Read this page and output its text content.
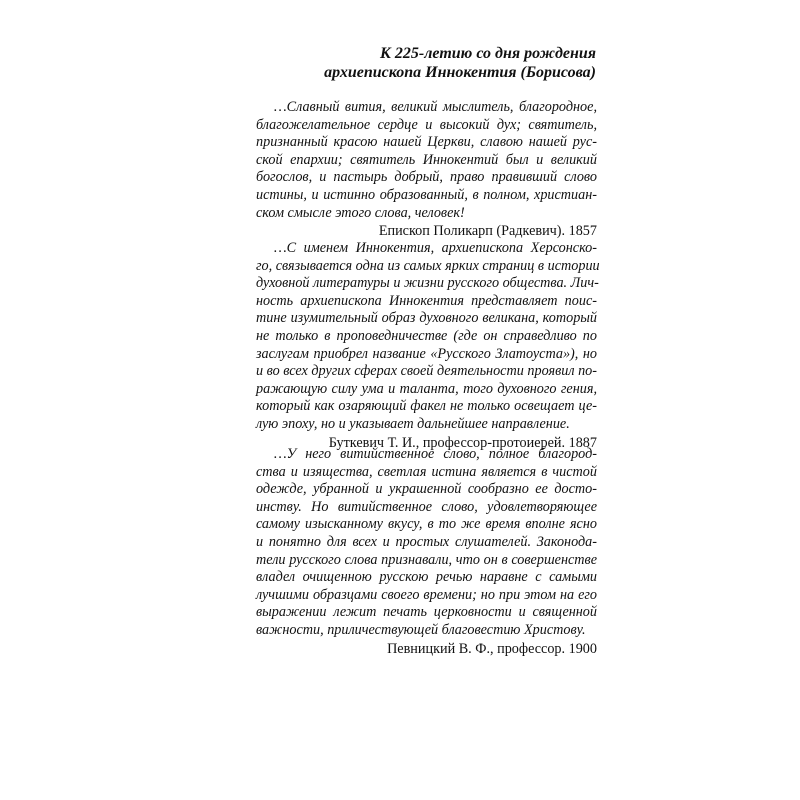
К 225-летию со дня рождения
архиепископа Иннокентия (Борисова)
…Славный вития, великий мыслитель, благородное,
благожелательное сердце и высокий дух; святитель,
признанный красою нашей Церкви, славою нашей рус-
ской епархии; святитель Иннокентий был и великий
богослов, и пастырь добрый, право правивший слово
истины, и истинно образованный, в полном, христиан-
ском смысле этого слова, человек!
Епископ Поликарп (Радкевич). 1857
…С именем Иннокентия, архиепископа Херсонско-
го, связывается одна из самых ярких страниц в истории
духовной литературы и жизни русского общества. Лич-
ность архиепископа Иннокентия представляет поис-
тине изумительный образ духовного великана, который
не только в проповедничестве (где он справедливо по
заслугам приобрел название «Русского Златоуста»), но
и во всех других сферах своей деятельности проявил по-
ражающую силу ума и таланта, того духовного гения,
который как озаряющий факел не только освещает це-
лую эпоху, но и указывает дальнейшее направление.
Буткевич Т. И., профессор-протоиерей. 1887
…У него витийственное слово, полное благород-
ства и изящества, светлая истина является в чистой
одежде, убранной и украшенной сообразно ее досто-
инству. Но витийственное слово, удовлетворяющее
самому изысканному вкусу, в то же время вполне ясно
и понятно для всех и простых слушателей. Законода-
тели русского слова признавали, что он в совершенстве
владел очищенною русскою речью наравне с самыми
лучшими образцами своего времени; но при этом на его
выражении лежит печать церковности и священной
важности, приличествующей благовестию Христову.
Певницкий В. Ф., профессор. 1900
